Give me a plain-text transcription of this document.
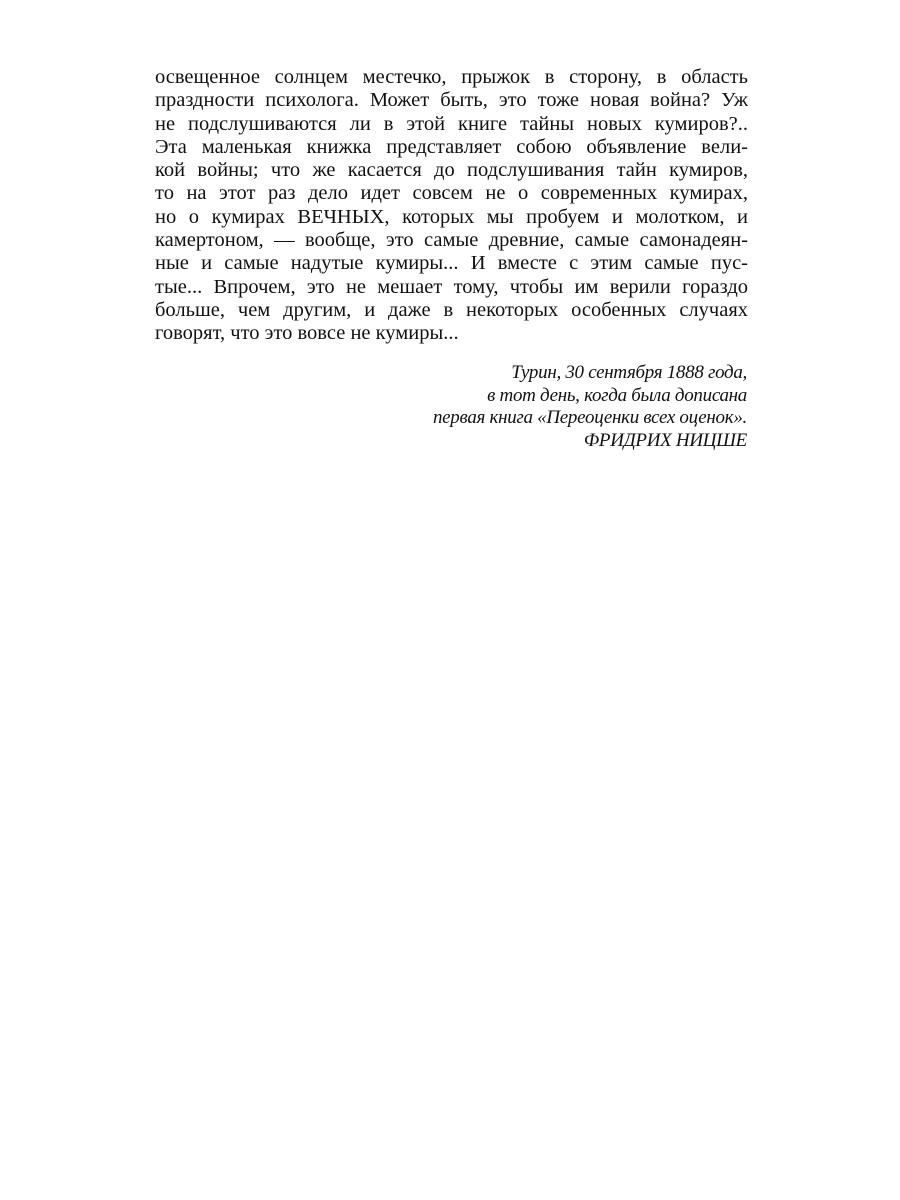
освещенное солнцем местечко, прыжок в сторону, в область
праздности психолога. Может быть, это тоже новая война? Уж
не подслушиваются ли в этой книге тайны новых кумиров?..
Эта маленькая книжка представляет собою объявление вели-
кой войны; что же касается до подслушивания тайн кумиров,
то на этот раз дело идет совсем не о современных кумирах,
но о кумирах ВЕЧНЫХ, которых мы пробуем и молотком, и
камертоном, — вообще, это самые древние, самые самонадеян-
ные и самые надутые кумиры... И вместе с этим самые пус-
тые... Впрочем, это не мешает тому, чтобы им верили гораздо
больше, чем другим, и даже в некоторых особенных случаях
говорят, что это вовсе не кумиры...
Турин, 30 сентября 1888 года,
в тот день, когда была дописана
первая книга «Переоценки всех оценок».
ФРИДРИХ НИЦШЕ
